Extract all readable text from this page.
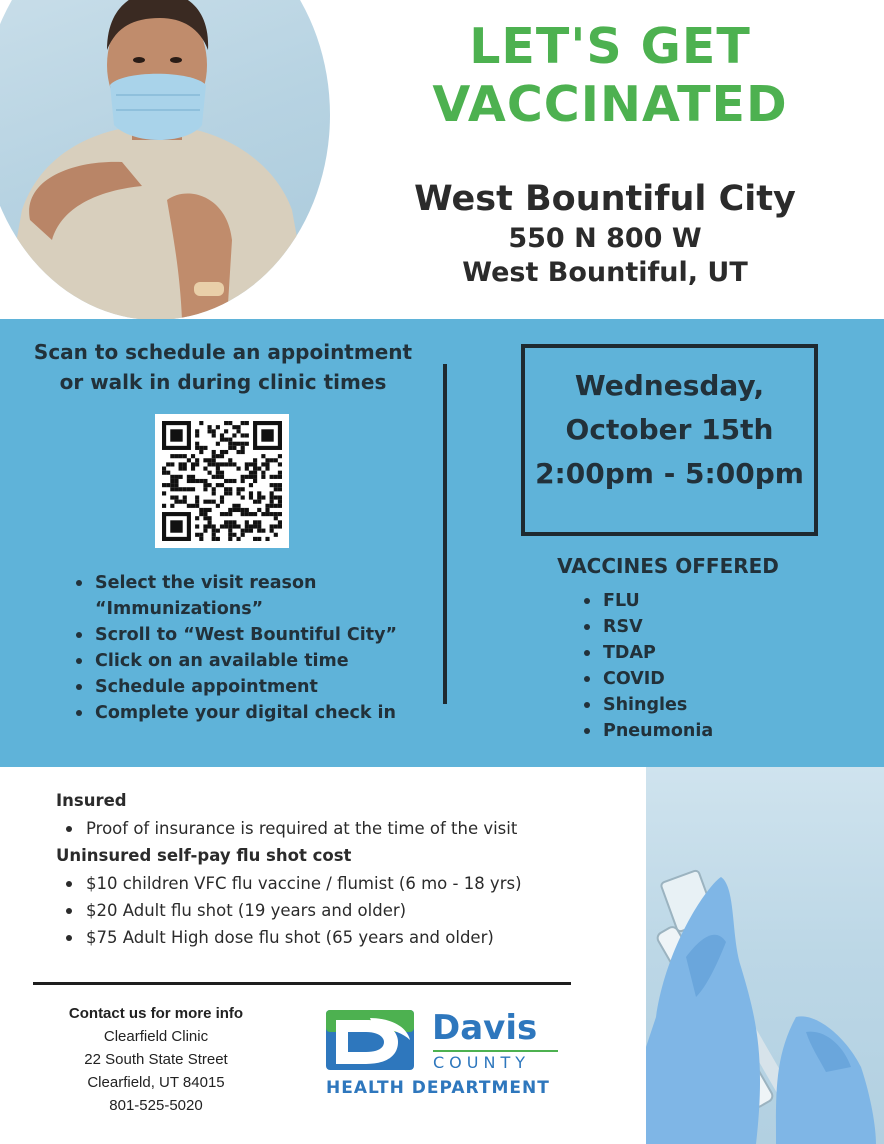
LET'S GET
VACCINATED
West Bountiful City
550 N 800 W
West Bountiful, UT
Scan to schedule an appointment
or walk in during clinic times
Select the visit reason
“Immunizations”
Scroll to “West Bountiful City”
Click on an available time
Schedule appointment
Complete your digital check in
Wednesday,
October 15th
2:00pm - 5:00pm
VACCINES OFFERED
FLU
RSV
TDAP
COVID
Shingles
Pneumonia
Insured
Proof of insurance is required at the time of the visit
Uninsured self-pay flu shot cost
$10 children VFC flu vaccine / flumist (6 mo - 18 yrs)
$20 Adult flu shot (19 years and older)
$75 Adult High dose flu shot (65 years and older)
Contact us for more info
Clearfield Clinic
22 South State Street
Clearfield, UT 84015
801-525-5020
Davis
COUNTY
HEALTH DEPARTMENT
